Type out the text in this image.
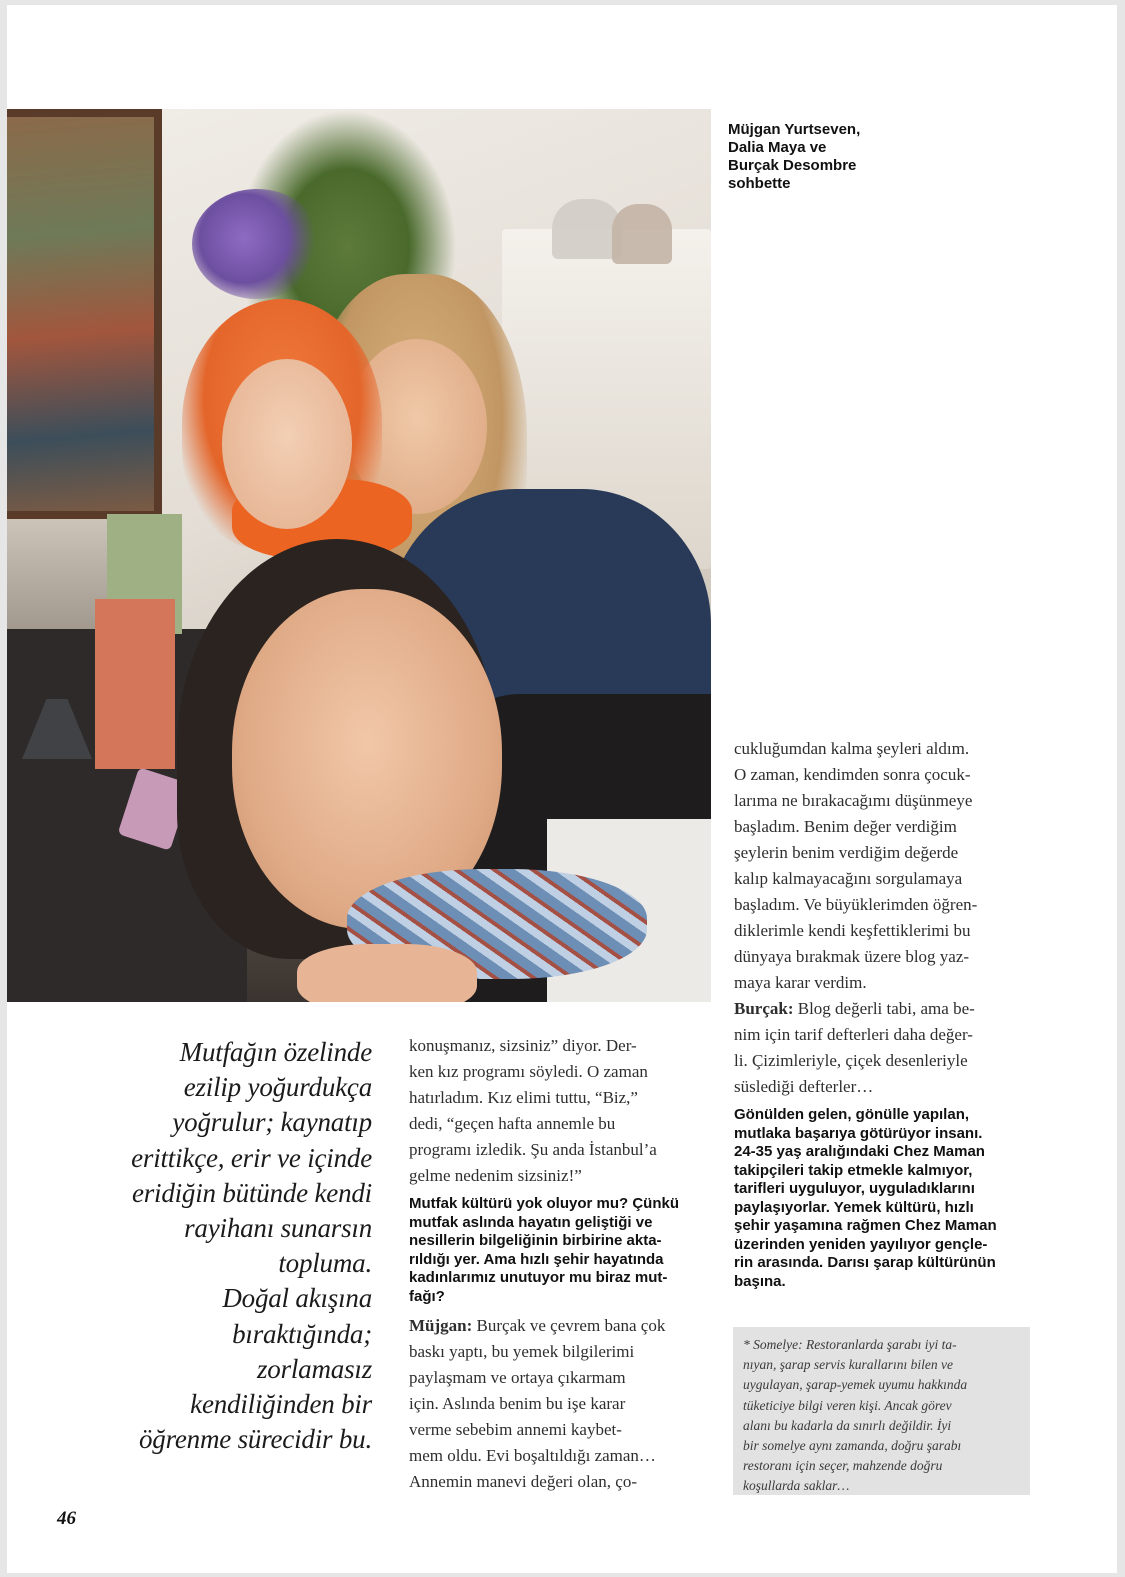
Müjgan Yurtseven,
Dalia Maya ve
Burçak Desombre
sohbette
Mutfağın özelinde
ezilip yoğurdukça
yoğrulur; kaynatıp
erittikçe, erir ve içinde
eridiğin bütünde kendi
rayihanı sunarsın
topluma.
Doğal akışına
bıraktığında;
zorlamasız
kendiliğinden bir
öğrenme sürecidir bu.
konuşmanız, sizsiniz” diyor. Der-
ken kız programı söyledi. O zaman
hatırladım. Kız elimi tuttu, “Biz,”
dedi, “geçen hafta annemle bu
programı izledik. Şu anda İstanbul’a
gelme nedenim sizsiniz!”
Mutfak kültürü yok oluyor mu? Çünkü
mutfak aslında hayatın geliştiği ve
nesillerin bilgeliğinin birbirine akta-
rıldığı yer. Ama hızlı şehir hayatında
kadınlarımız unutuyor mu biraz mut-
fağı?
Müjgan: Burçak ve çevrem bana çok
baskı yaptı, bu yemek bilgilerimi
paylaşmam ve ortaya çıkarmam
için. Aslında benim bu işe karar
verme sebebim annemi kaybet-
mem oldu. Evi boşaltıldığı zaman…
Annemin manevi değeri olan, ço-
cukluğumdan kalma şeyleri aldım.
O zaman, kendimden sonra çocuk-
larıma ne bırakacağımı düşünmeye
başladım. Benim değer verdiğim
şeylerin benim verdiğim değerde
kalıp kalmayacağını sorgulamaya
başladım. Ve büyüklerimden öğren-
diklerimle kendi keşfettiklerimi bu
dünyaya bırakmak üzere blog yaz-
maya karar verdim.
Burçak: Blog değerli tabi, ama be-
nim için tarif defterleri daha değer-
li. Çizimleriyle, çiçek desenleriyle
süslediği defterler…
Gönülden gelen, gönülle yapılan,
mutlaka başarıya götürüyor insanı.
24-35 yaş aralığındaki Chez Maman
takipçileri takip etmekle kalmıyor,
tarifleri uyguluyor, uyguladıklarını
paylaşıyorlar. Yemek kültürü, hızlı
şehir yaşamına rağmen Chez Maman
üzerinden yeniden yayılıyor gençle-
rin arasında. Darısı şarap kültürünün
başına.
* Somelye: Restoranlarda şarabı iyi ta-
nıyan, şarap servis kurallarını bilen ve
uygulayan, şarap-yemek uyumu hakkında
tüketiciye bilgi veren kişi. Ancak görev
alanı bu kadarla da sınırlı değildir. İyi
bir somelye aynı zamanda, doğru şarabı
restoranı için seçer, mahzende doğru
koşullarda saklar…
46
